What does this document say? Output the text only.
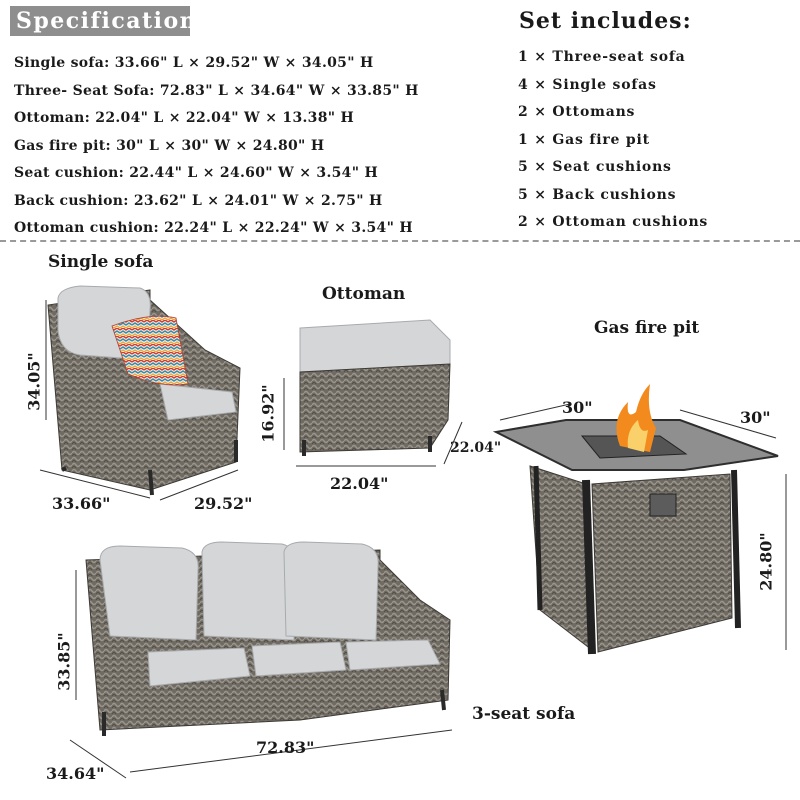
Specification:
Single sofa: 33.66" L × 29.52" W × 34.05" H
Three- Seat Sofa: 72.83" L × 34.64" W × 33.85" H
Ottoman: 22.04" L × 22.04" W × 13.38" H
Gas fire pit: 30" L × 30" W × 24.80" H
Seat cushion: 22.44" L × 24.60" W × 3.54" H
Back cushion: 23.62" L × 24.01" W × 2.75" H
Ottoman cushion: 22.24" L × 22.24" W × 3.54" H
Set includes:
1 × Three-seat sofa
4 × Single sofas
2 × Ottomans
1 × Gas fire pit
5 × Seat cushions
5 × Back cushions
2 × Ottoman cushions
Single sofa
Ottoman
Gas fire pit
3-seat sofa
34.05"
33.66"	29.52"
16.92"
22.04"
22.04"
30"
30"
24.80"
33.85"
72.83"
34.64"
